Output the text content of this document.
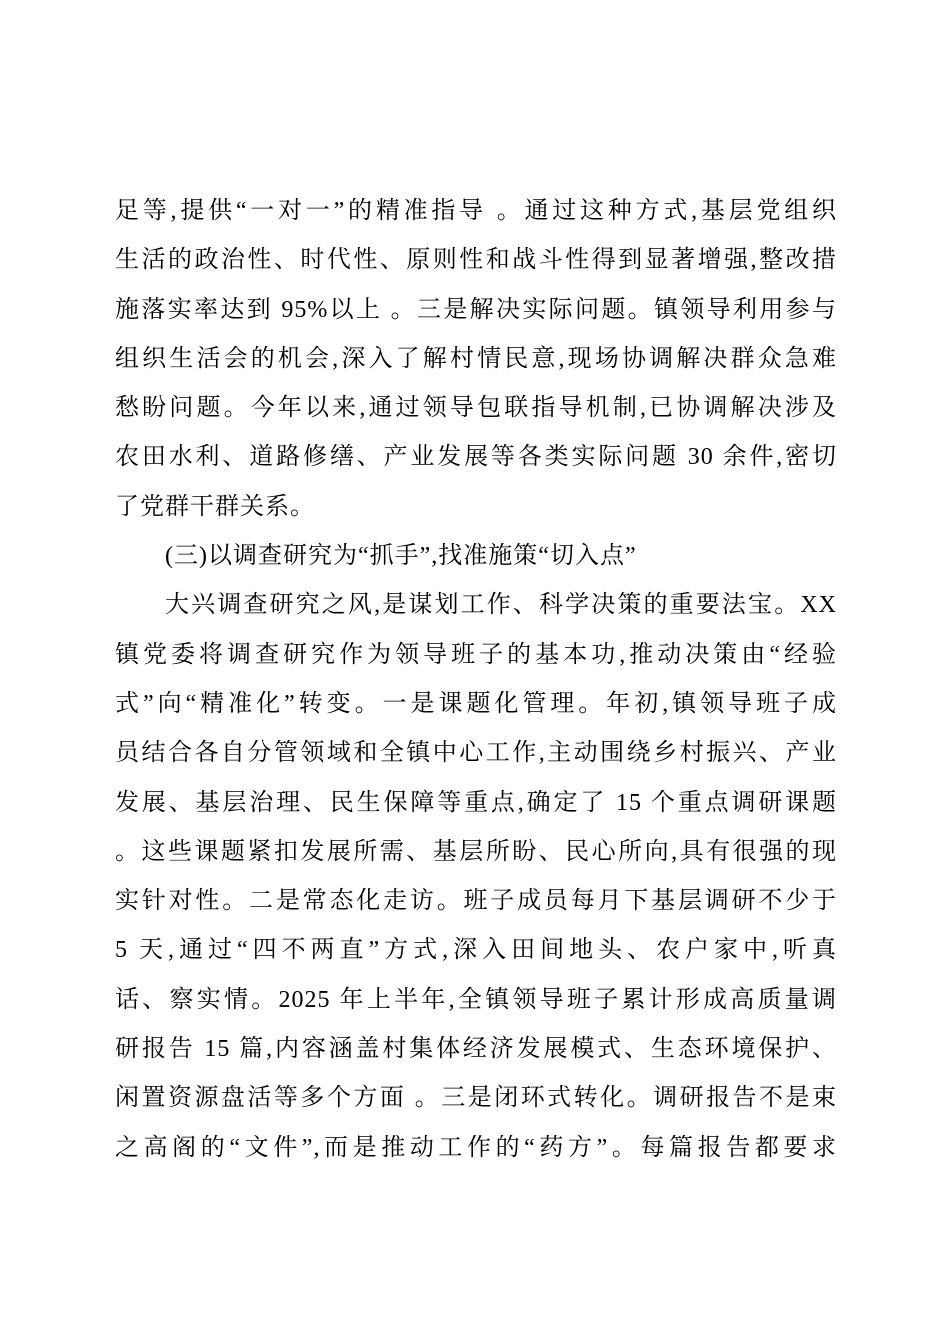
足等,提供“一对一”的精准指导 。通过这种方式,基层党组织
生活的政治性、时代性、原则性和战斗性得到显著增强,整改措
施落实率达到 95%以上 。三是解决实际问题。镇领导利用参与
组织生活会的机会,深入了解村情民意,现场协调解决群众急难
愁盼问题。今年以来,通过领导包联指导机制,已协调解决涉及
农田水利、道路修缮、产业发展等各类实际问题 30 余件,密切
了党群干群关系。
(三)以调查研究为“抓手”,找准施策“切入点”
大兴调查研究之风,是谋划工作、科学决策的重要法宝。XX
镇党委将调查研究作为领导班子的基本功,推动决策由“经验
式”向“精准化”转变。一是课题化管理。年初,镇领导班子成
员结合各自分管领域和全镇中心工作,主动围绕乡村振兴、产业
发展、基层治理、民生保障等重点,确定了 15 个重点调研课题
。这些课题紧扣发展所需、基层所盼、民心所向,具有很强的现
实针对性。二是常态化走访。班子成员每月下基层调研不少于
5 天,通过“四不两直”方式,深入田间地头、农户家中,听真
话、察实情。2025 年上半年,全镇领导班子累计形成高质量调
研报告 15 篇,内容涵盖村集体经济发展模式、生态环境保护、
闲置资源盘活等多个方面 。三是闭环式转化。调研报告不是束
之高阁的“文件”,而是推动工作的“药方”。每篇报告都要求
